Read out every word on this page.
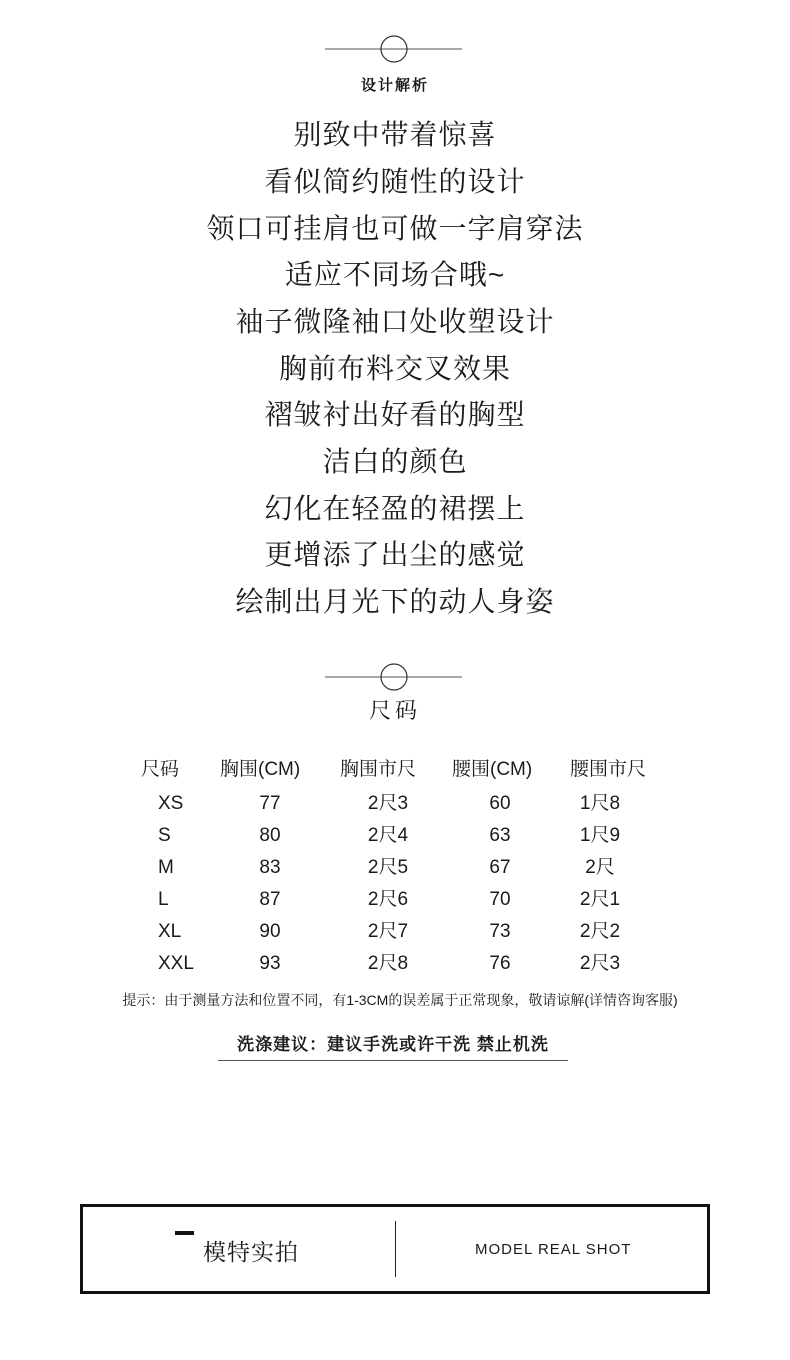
设计解析
别致中带着惊喜
看似简约随性的设计
领口可挂肩也可做一字肩穿法
适应不同场合哦~
袖子微隆袖口处收塑设计
胸前布料交叉效果
褶皱衬出好看的胸型
洁白的颜色
幻化在轻盈的裙摆上
更增添了出尘的感觉
绘制出月光下的动人身姿
尺码
尺码 胸围(CM) 胸围市尺 腰围(CM) 腰围市尺
XS	77	2尺3	60	1尺8
S	80	2尺4	63	1尺9
M	83	2尺5	67	2尺
L	87	2尺6	70	2尺1
XL	90	2尺7	73	2尺2
XXL	93	2尺8	76	2尺3
提示：由于测量方法和位置不同，有1-3CM的误差属于正常现象，敬请谅解(详情咨询客服)
洗涤建议：建议手洗或许干洗 禁止机洗
模特实拍	MODEL REAL SHOT
